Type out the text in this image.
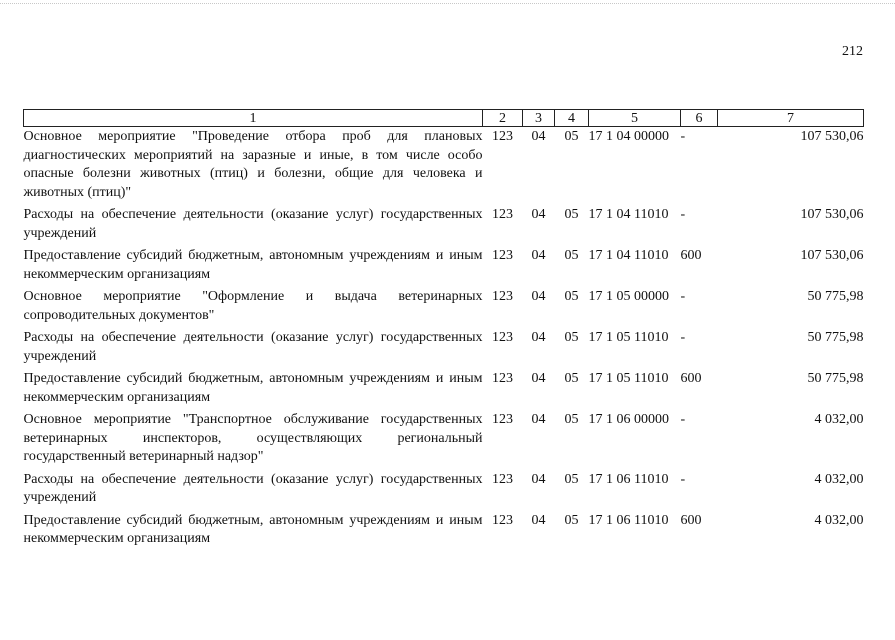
212
1	2	3	4	5	6	7
Основное мероприятие "Проведение отбора проб для плановых диагностических мероприятий на заразные и иные, в том числе особо опасные болезни животных (птиц) и болезни, общие для человека и животных (птиц)"	123	04	05	17 1 04 00000	-	107 530,06
Расходы на обеспечение деятельности (оказание услуг) государственных учреждений	123	04	05	17 1 04 11010	-	107 530,06
Предоставление субсидий бюджетным, автономным учреждениям и иным некоммерческим организациям	123	04	05	17 1 04 11010	600	107 530,06
Основное мероприятие "Оформление и выдача ветеринарных сопроводительных документов"	123	04	05	17 1 05 00000	-	50 775,98
Расходы на обеспечение деятельности (оказание услуг) государственных учреждений	123	04	05	17 1 05 11010	-	50 775,98
Предоставление субсидий бюджетным, автономным учреждениям и иным некоммерческим организациям	123	04	05	17 1 05 11010	600	50 775,98
Основное мероприятие "Транспортное обслуживание государственных ветеринарных инспекторов, осуществляющих региональный государственный ветеринарный надзор"	123	04	05	17 1 06 00000	-	4 032,00
Расходы на обеспечение деятельности (оказание услуг) государственных учреждений	123	04	05	17 1 06 11010	-	4 032,00
Предоставление субсидий бюджетным, автономным учреждениям и иным некоммерческим организациям	123	04	05	17 1 06 11010	600	4 032,00
